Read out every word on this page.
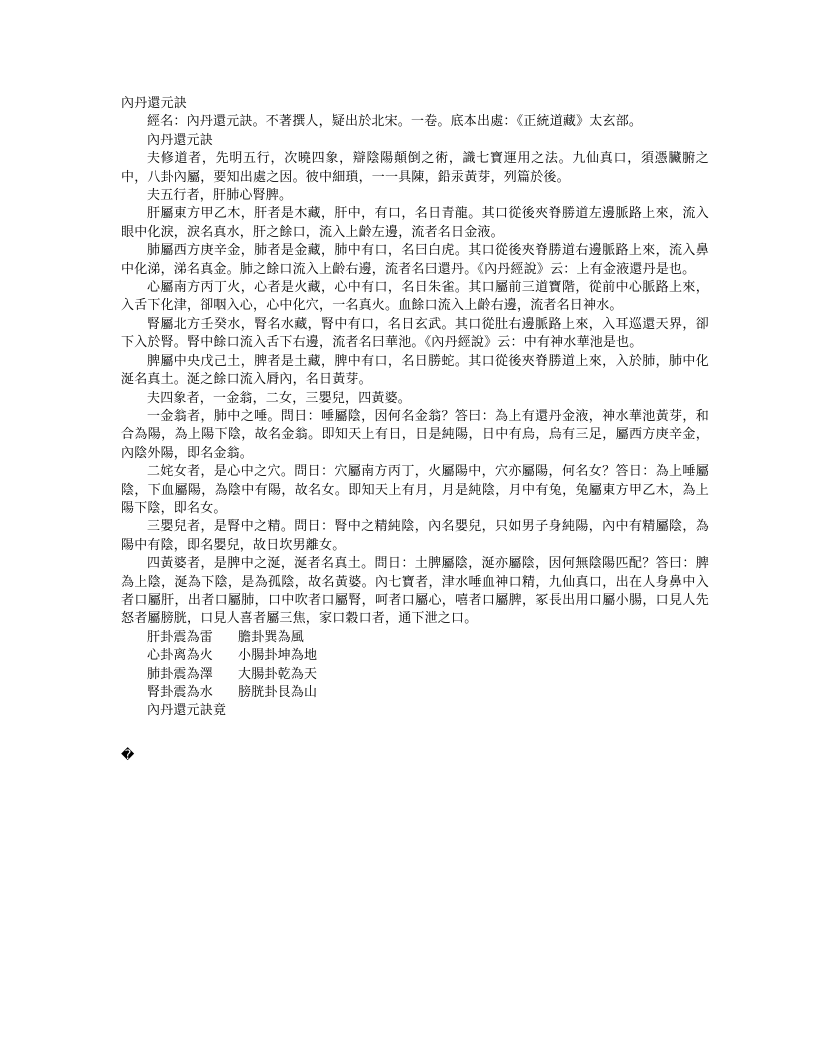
內丹還元訣

經名：內丹還元訣。不著撰人，疑出於北宋。一卷。底本出處：《正統道藏》太玄部。

內丹還元訣

夫修道者，先明五行，次曉四象，辯陰陽顛倒之術，識七寶運用之法。九仙真口，須憑臟腑之中，八卦內屬，要知出處之因。彼中細瑣，一一具陳，鉛汞黃芽，列篇於後。

夫五行者，肝肺心腎脾。

肝屬東方甲乙木，肝者是木藏，肝中，有口，名日青龍。其口從後夾脊勝道左邊脈路上來，流入眼中化淚，淚名真水，肝之餘口，流入上齡左邊，流者名日金液。

肺屬西方庚辛金，肺者是金藏，肺中有口，名曰白虎。其口從後夾脊勝道右邊脈路上來，流入鼻中化涕，涕名真金。肺之餘口流入上齡右邊，流者名曰還丹。《內丹經說》云：上有金液還丹是也。

心屬南方丙丁火，心者是火藏，心中有口，名日朱雀。其口屬前三道寶階，從前中心脈路上來，入舌下化津，卻咽入心，心中化穴，一名真火。血餘口流入上齡右邊，流者名日神水。

腎屬北方壬癸水，腎名水藏，腎中有口，名日玄武。其口從肚右邊脈路上來，入耳巡還天界，卻下入於腎。腎中餘口流入舌下右邊，流者名曰華池。《內丹經說》云：中有神水華池是也。

脾屬中央戊己土，脾者是土藏，脾中有口，名日勝蛇。其口從後夾脊勝道上來，入於肺，肺中化涎名真土。涎之餘口流入脣內，名日黃芽。

夫四象者，一金翁，二女，三嬰兒，四黃婆。

一金翁者，肺中之唾。問日：唾屬陰，因何名金翁？答曰：為上有還丹金液，神水華池黃芽，和合為陽，為上陽下陰，故名金翁。即知天上有日，日是純陽，日中有烏，烏有三足，屬西方庚辛金，內陰外陽，即名金翁。

二姹女者，是心中之穴。問日：穴屬南方丙丁，火屬陽中，穴亦屬陽，何名女？答日：為上唾屬陰，下血屬陽，為陰中有陽，故名女。即知天上有月，月是純陰，月中有兔，兔屬東方甲乙木，為上陽下陰，即名女。

三嬰兒者，是腎中之精。問日：腎中之精純陰，內名嬰兒，只如男子身純陽，內中有精屬陰，為陽中有陰，即名嬰兒，故日坎男離女。

四黃婆者，是脾中之涎，涎者名真土。問日：土脾屬陰，涎亦屬陰，因何無陰陽匹配？答曰：脾為上陰，涎為下陰，是為孤陰，故名黃婆。內七寶者，津水唾血神口精，九仙真口，出在人身鼻中入者口屬肝，出者口屬肺，口中吹者口屬腎，呵者口屬心，嘻者口屬脾，冢長出用口屬小腸，口見人先怒者屬膀胱，口見人喜者屬三焦，家口穀口者，通下泄之口。

肝卦震為雷 膽卦巽為風

心卦离為火 小腸卦坤為地

肺卦震為澤 大腸卦乾為天

腎卦震為水 膀胱卦艮為山

內丹還元訣竟

�
